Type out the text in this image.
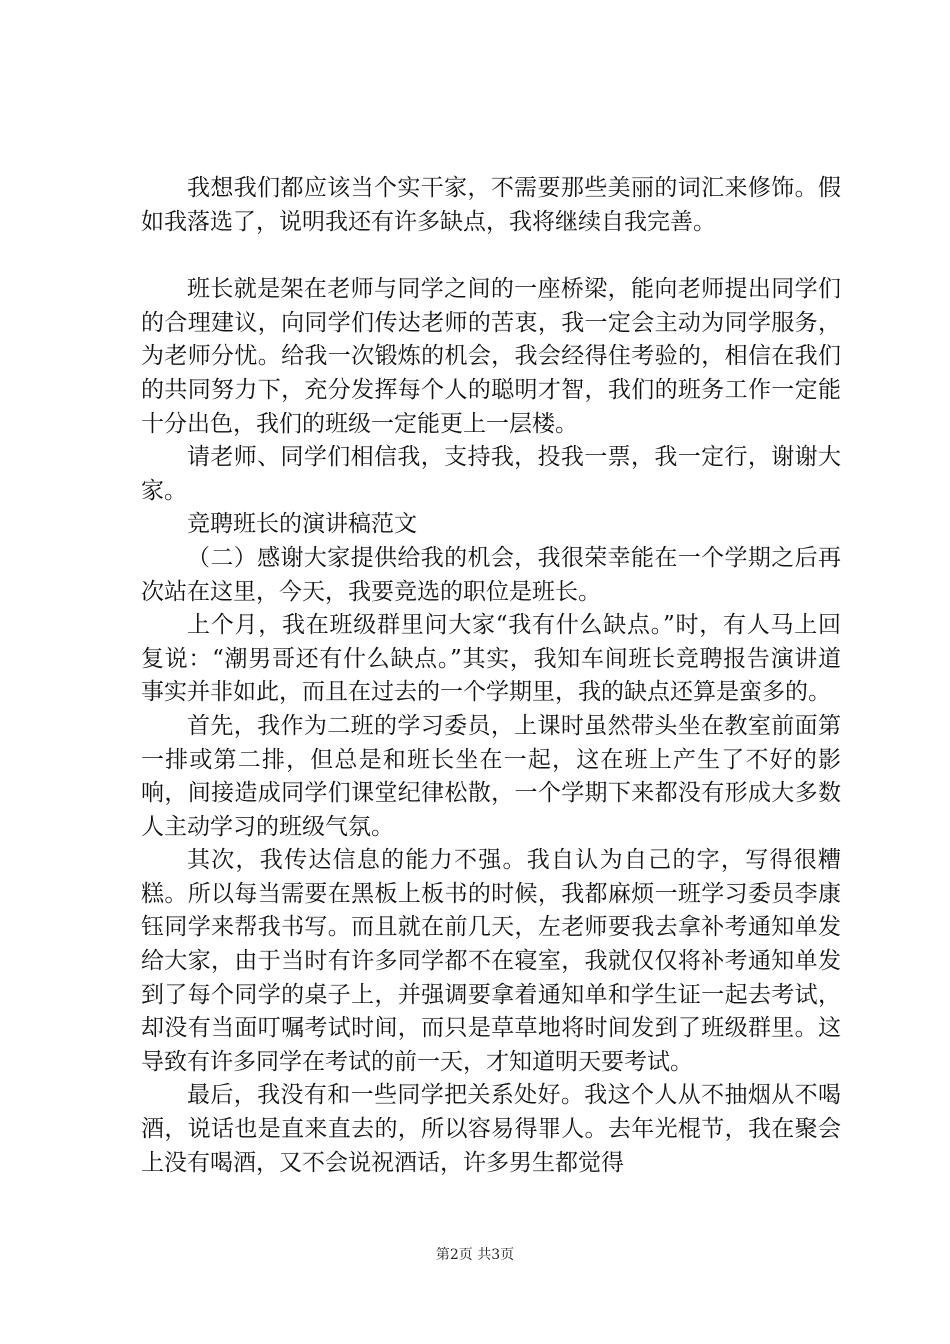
我想我们都应该当个实干家，不需要那些美丽的词汇来修饰。假如我落选了，说明我还有许多缺点，我将继续自我完善。

班长就是架在老师与同学之间的一座桥梁，能向老师提出同学们的合理建议，向同学们传达老师的苦衷，我一定会主动为同学服务，为老师分忧。给我一次锻炼的机会，我会经得住考验的，相信在我们的共同努力下，充分发挥每个人的聪明才智，我们的班务工作一定能十分出色，我们的班级一定能更上一层楼。

请老师、同学们相信我，支持我，投我一票，我一定行，谢谢大家。

竞聘班长的演讲稿范文

（二）感谢大家提供给我的机会，我很荣幸能在一个学期之后再次站在这里，今天，我要竞选的职位是班长。

上个月，我在班级群里问大家“我有什么缺点。”时，有人马上回复说：“潮男哥还有什么缺点。”其实，我知车间班长竞聘报告演讲道事实并非如此，而且在过去的一个学期里，我的缺点还算是蛮多的。

首先，我作为二班的学习委员，上课时虽然带头坐在教室前面第一排或第二排，但总是和班长坐在一起，这在班上产生了不好的影响，间接造成同学们课堂纪律松散，一个学期下来都没有形成大多数人主动学习的班级气氛。

其次，我传达信息的能力不强。我自认为自己的字，写得很糟糕。所以每当需要在黑板上板书的时候，我都麻烦一班学习委员李康钰同学来帮我书写。而且就在前几天，左老师要我去拿补考通知单发给大家，由于当时有许多同学都不在寝室，我就仅仅将补考通知单发到了每个同学的桌子上，并强调要拿着通知单和学生证一起去考试，却没有当面叮嘱考试时间，而只是草草地将时间发到了班级群里。这导致有许多同学在考试的前一天，才知道明天要考试。

最后，我没有和一些同学把关系处好。我这个人从不抽烟从不喝酒，说话也是直来直去的，所以容易得罪人。去年光棍节，我在聚会上没有喝酒，又不会说祝酒话，许多男生都觉得

第2页 共3页
